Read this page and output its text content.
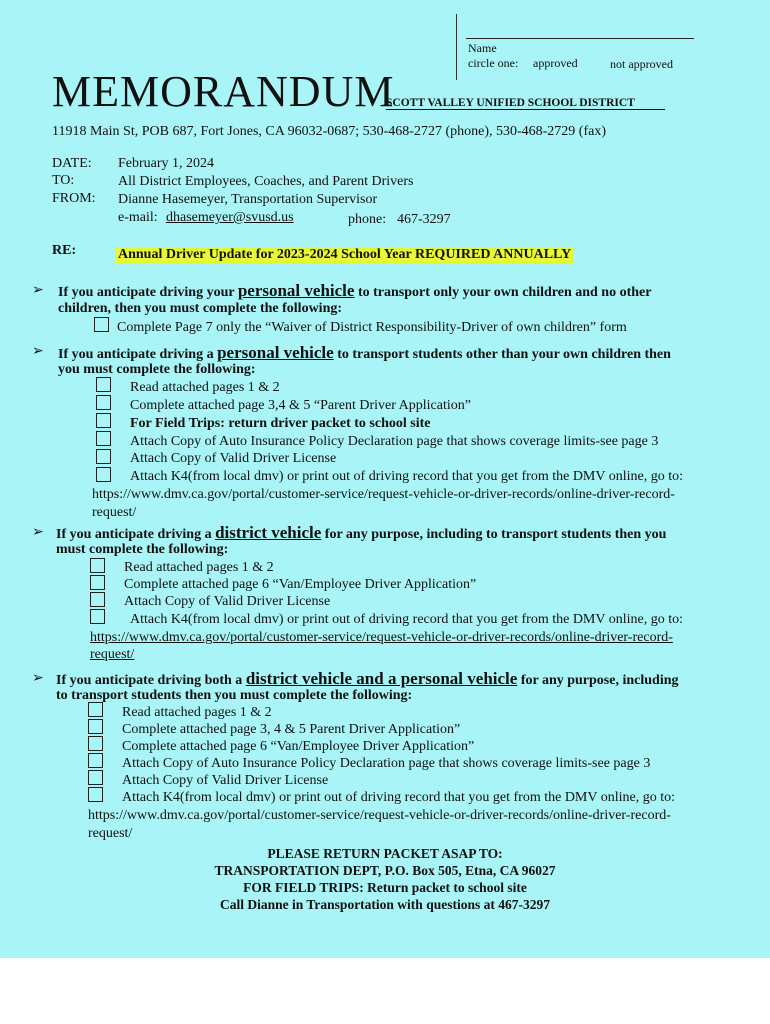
Name
circle one: approved	not approved
MEMORANDUM
SCOTT VALLEY UNIFIED SCHOOL DISTRICT
11918 Main St, POB 687, Fort Jones, CA 96032-0687; 530-468-2727 (phone), 530-468-2729 (fax)
DATE: February 1, 2024
TO:	All District Employees, Coaches, and Parent Drivers
FROM: Dianne Hasemeyer, Transportation Supervisor
e-mail: dhasemeyer@svusd.us	phone: 467-3297
RE:	Annual Driver Update for 2023-2024 School Year REQUIRED ANNUALLY
➢ If you anticipate driving your personal vehicle to transport only your own children and no other
children, then you must complete the following:
Complete Page 7 only the “Waiver of District Responsibility-Driver of own children” form
➢ If you anticipate driving a personal vehicle to transport students other than your own children then
you must complete the following:
Read attached pages 1 & 2
Complete attached page 3,4 & 5 “Parent Driver Application”
For Field Trips: return driver packet to school site
Attach Copy of Auto Insurance Policy Declaration page that shows coverage limits-see page 3
Attach Copy of Valid Driver License
Attach K4(from local dmv) or print out of driving record that you get from the DMV online, go to:
https://www.dmv.ca.gov/portal/customer-service/request-vehicle-or-driver-records/online-driver-record-
request/
➢ If you anticipate driving a district vehicle for any purpose, including to transport students then you
must complete the following:
Read attached pages 1 & 2
Complete attached page 6 “Van/Employee Driver Application”
Attach Copy of Valid Driver License
Attach K4(from local dmv) or print out of driving record that you get from the DMV online, go to:
https://www.dmv.ca.gov/portal/customer-service/request-vehicle-or-driver-records/online-driver-record-
request/
➢ If you anticipate driving both a district vehicle and a personal vehicle for any purpose, including
to transport students then you must complete the following:
Read attached pages 1 & 2
Complete attached page 3, 4 & 5 Parent Driver Application”
Complete attached page 6 “Van/Employee Driver Application”
Attach Copy of Auto Insurance Policy Declaration page that shows coverage limits-see page 3
Attach Copy of Valid Driver License
Attach K4(from local dmv) or print out of driving record that you get from the DMV online, go to:
https://www.dmv.ca.gov/portal/customer-service/request-vehicle-or-driver-records/online-driver-record-
request/
PLEASE RETURN PACKET ASAP TO:
TRANSPORTATION DEPT, P.O. Box 505, Etna, CA 96027
FOR FIELD TRIPS: Return packet to school site
Call Dianne in Transportation with questions at 467-3297
